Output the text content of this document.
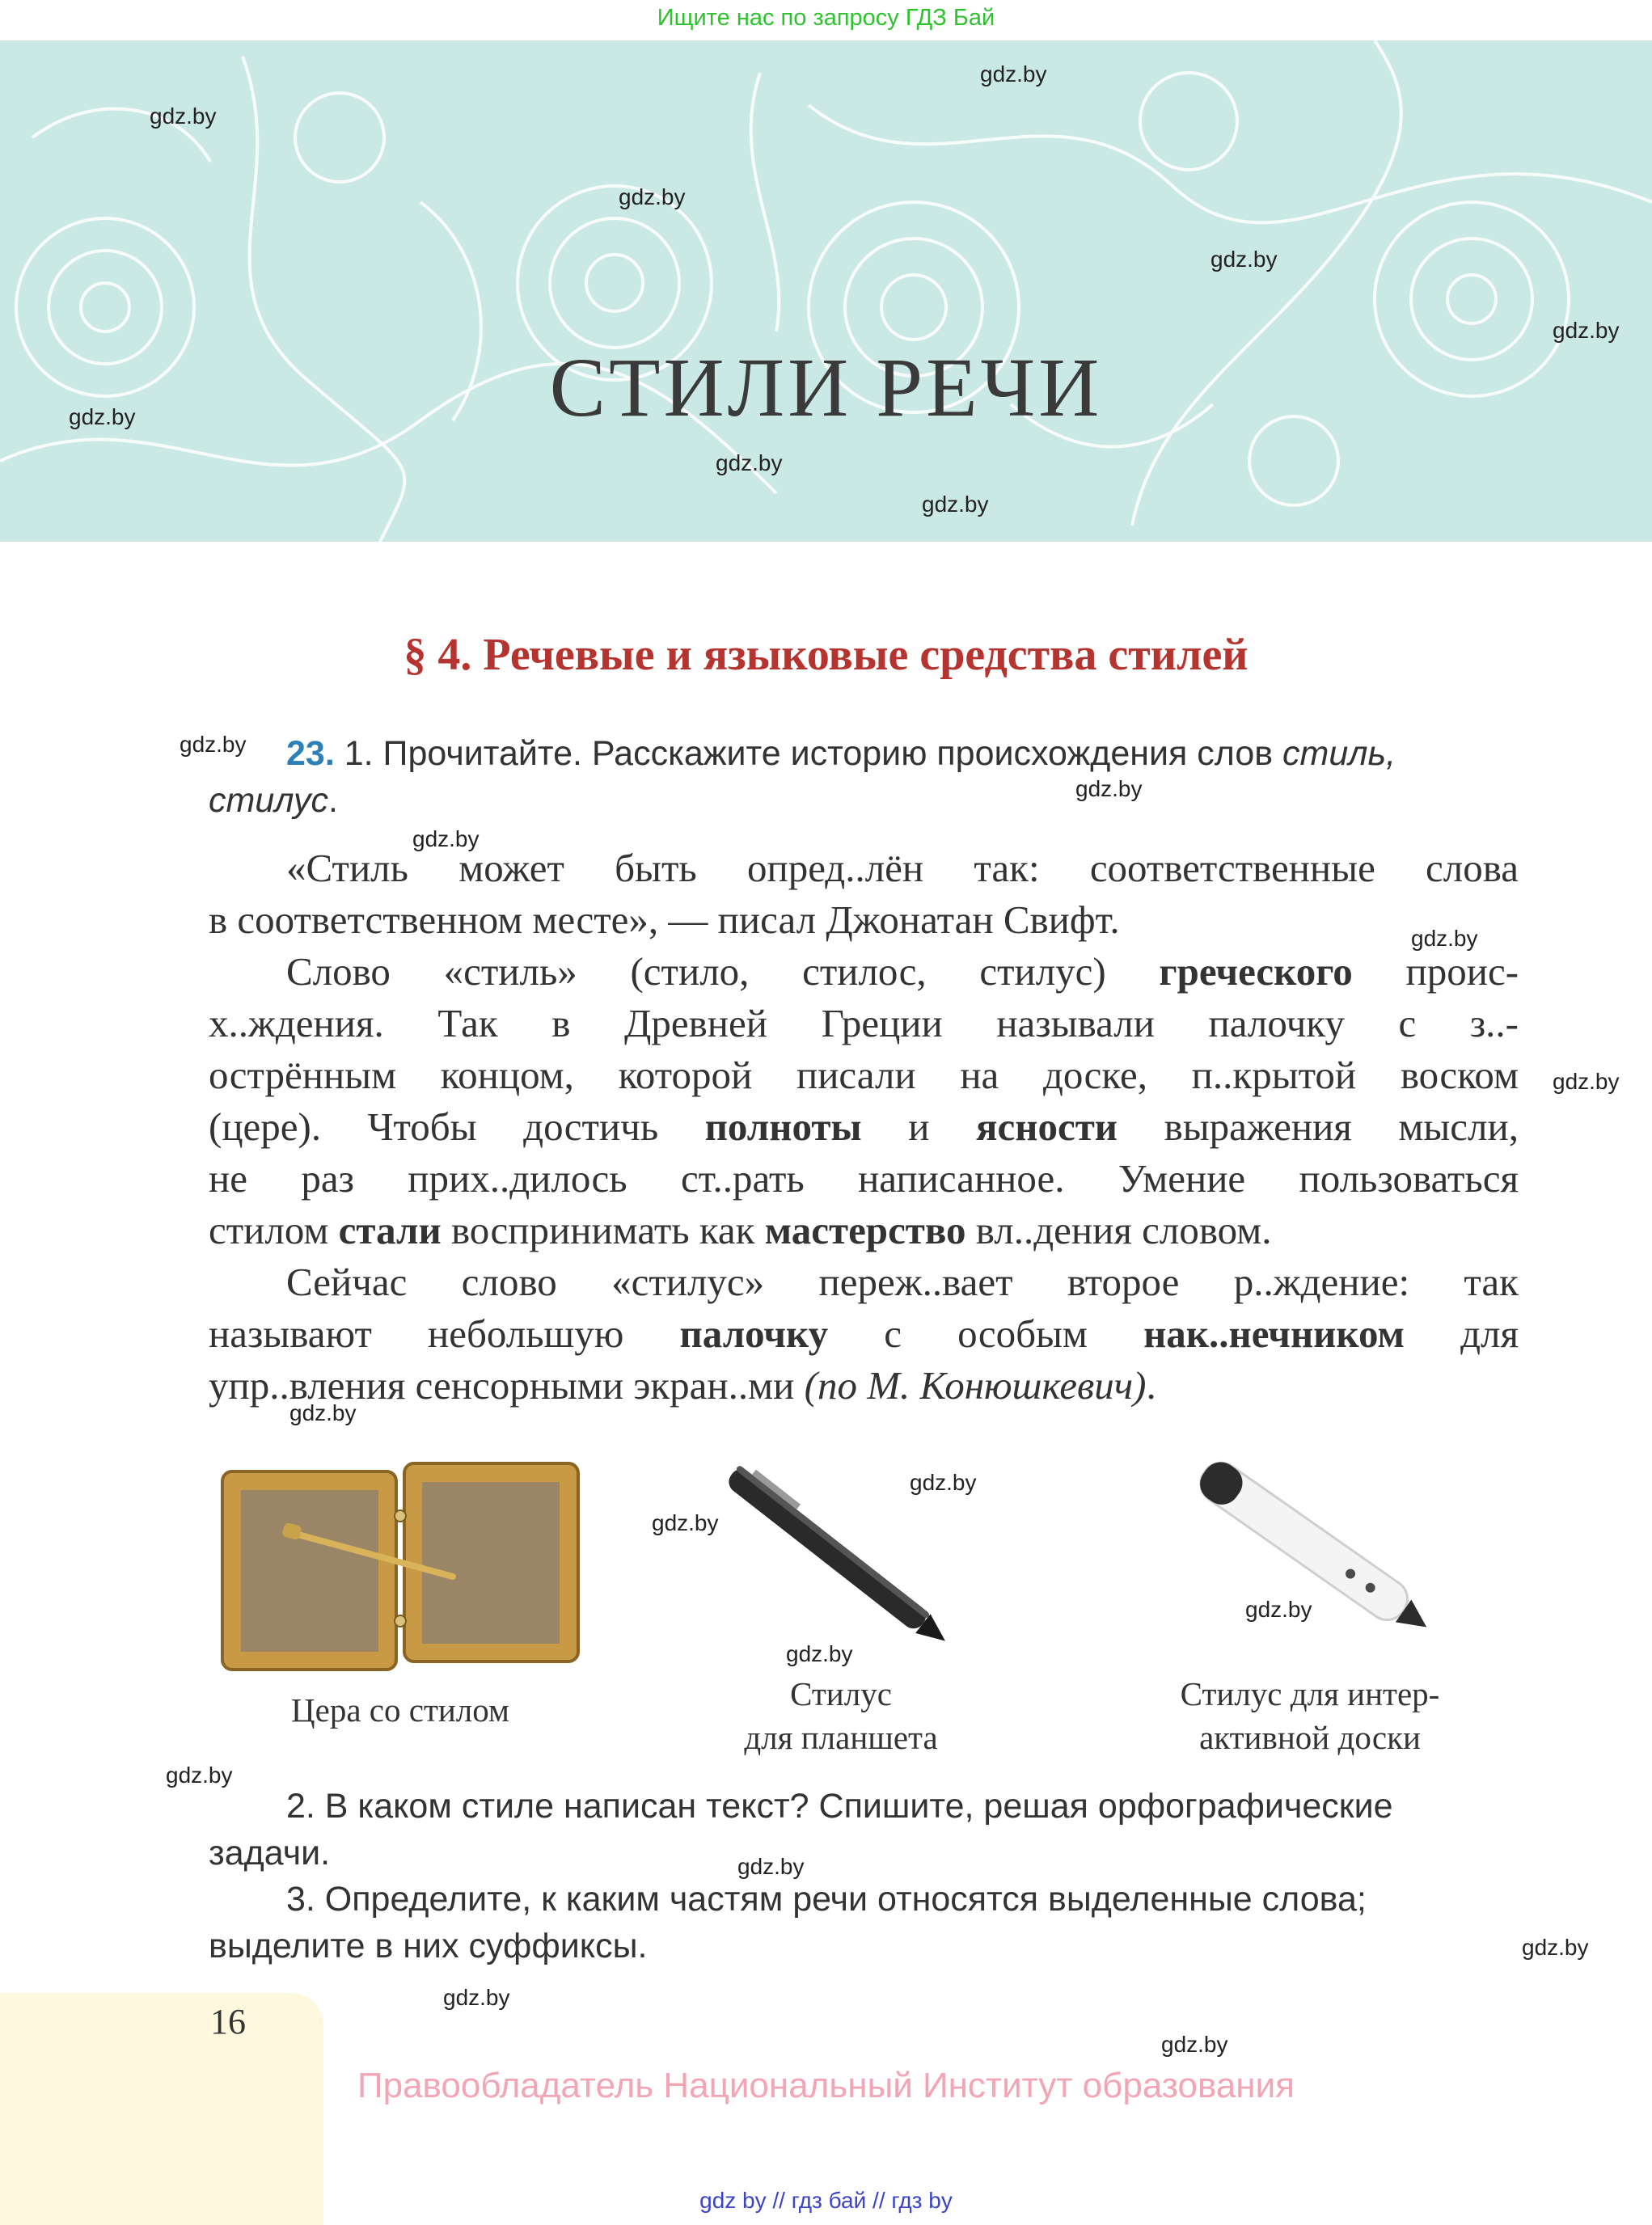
Ищите нас по запросу ГДЗ Бай
СТИЛИ РЕЧИ
gdz.by
gdz.by
gdz.by
gdz.by
gdz.by
gdz.by
gdz.by
gdz.by
gdz.by
gdz.by
gdz.by
gdz.by
gdz.by
gdz.by
gdz.by
gdz.by
gdz.by
gdz.by
gdz.by
gdz.by
gdz.by
gdz.by
gdz.by
§ 4. Речевые и языковые средства стилей
23. 1. Прочитайте. Расскажите историю происхождения слов стиль,
стилус.

«Стиль может быть опред..лён так: соответственные слова

в соответственном месте», — писал Джонатан Свифт.

Слово «стиль» (стило, стилос, стилус) греческого проис-

х..ждения. Так в Древней Греции называли палочку с з..-

острённым концом, которой писали на доске, п..крытой воском

(цере). Чтобы достичь полноты и ясности выражения мысли,

не раз прих..дилось ст..рать написанное. Умение пользоваться

стилом стали воспринимать как мастерство вл..дения словом.

Сейчас слово «стилус» переж..вает второе р..ждение: так

называют небольшую палочку с особым нак..нечником для

упр..вления сенсорными экран..ми (по М. Конюшкевич).

Цера со стилом	Стилус
для планшета
Стилус для интер-
активной доски
2. В каком стиле написан текст? Спишите, решая орфографические
задачи.
3. Определите, к каким частям речи относятся выделенные слова;
выделите в них суффиксы.
16
Правообладатель Национальный Институт образования
gdz by // гдз бай // гдз by
